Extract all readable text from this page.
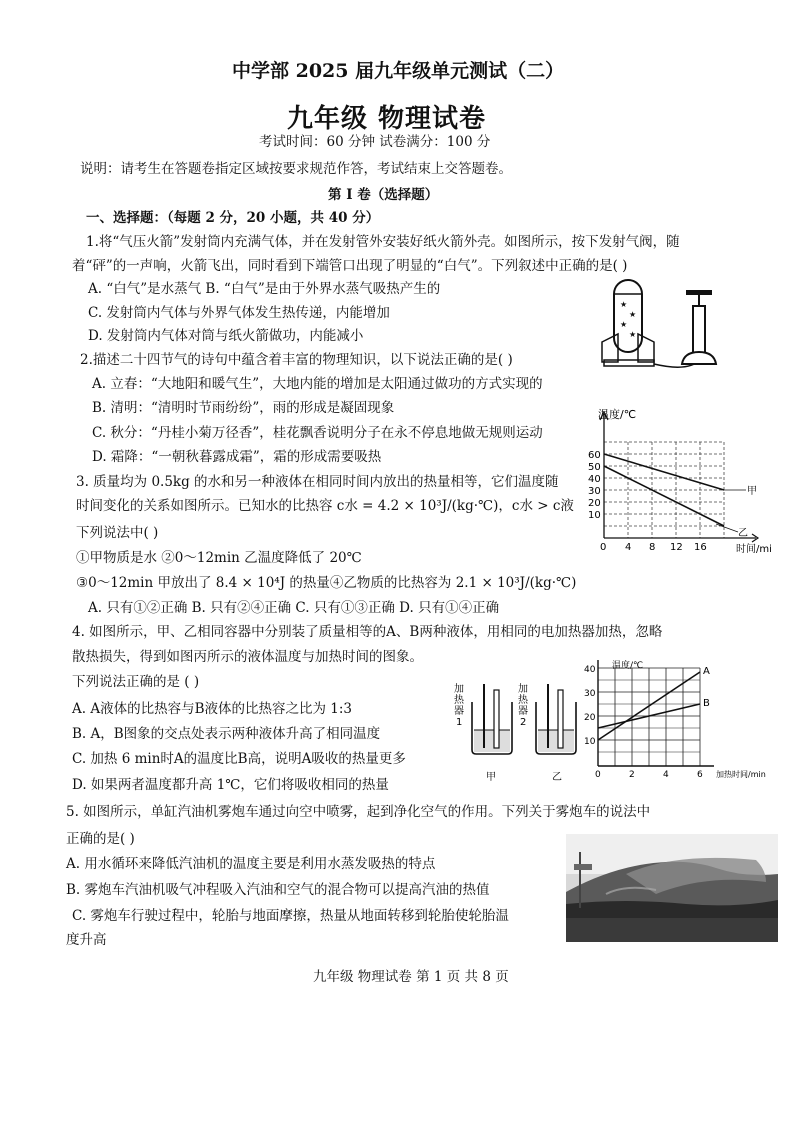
中学部 2025 届九年级单元测试（二）
九年级 物理试卷
考试时间：60 分钟 试卷满分：100 分
说明：请考生在答题卷指定区域按要求规范作答，考试结束上交答题卷。
第 I 卷（选择题）
一、选择题：（每题 2 分，20 小题，共 40 分）
1.将“气压火箭”发射筒内充满气体，并在发射管外安装好纸火箭外壳。如图所示，按下发射气阀，随
着“砰”的一声响，火箭飞出，同时看到下端管口出现了明显的“白气”。下列叙述中正确的是( )
A. “白气”是水蒸气 B. “白气”是由于外界水蒸气吸热产生的
C. 发射筒内气体与外界气体发生热传递，内能增加
D. 发射筒内气体对筒与纸火箭做功，内能减小
★
★
★
★
2.描述二十四节气的诗句中蕴含着丰富的物理知识，以下说法正确的是( )
A. 立春：“大地阳和暖气生”，大地内能的增加是太阳通过做功的方式实现的
B. 清明：“清明时节雨纷纷”，雨的形成是凝固现象
C. 秋分：“丹桂小菊万径香”，桂花飘香说明分子在永不停息地做无规则运动
D. 霜降：“一朝秋暮露成霜”，霜的形成需要吸热
温度/℃
时间/mi
60
50
40
30
20
10
0 4 8 12 16
甲
乙
3. 质量均为 0.5kg 的水和另一种液体在相同时间内放出的热量相等，它们温度随
时间变化的关系如图所示。已知水的比热容 c水 = 4.2 × 10³J/(kg·℃)，c水 > c液
下列说法中( )
①甲物质是水 ②0～12min 乙温度降低了 20℃
③0～12min 甲放出了 8.4 × 10⁴J 的热量④乙物质的比热容为 2.1 × 10³J/(kg·℃)
A. 只有①②正确 B. 只有②④正确 C. 只有①③正确 D. 只有①④正确
4. 如图所示，甲、乙相同容器中分别装了质量相等的A、B两种液体，用相同的电加热器加热，忽略
散热损失，得到如图丙所示的液体温度与加热时间的图象。
下列说法正确的是 ( )
A. A液体的比热容与B液体的比热容之比为 1:3
B. A，B图象的交点处表示两种液体升高了相同温度
C. 加热 6 min时A的温度比B高，说明A吸收的热量更多
D. 如果两者温度都升高 1℃，它们将吸收相同的热量
加热器 1
加热器 2
甲	乙
温度/℃
40
30
20
10
0	2	4	6 加热时间/min
A
B
5. 如图所示，单缸汽油机雾炮车通过向空中喷雾，起到净化空气的作用。下列关于雾炮车的说法中
正确的是( )
A. 用水循环来降低汽油机的温度主要是利用水蒸发吸热的特点
B. 雾炮车汽油机吸气冲程吸入汽油和空气的混合物可以提高汽油的热值
C. 雾炮车行驶过程中，轮胎与地面摩擦，热量从地面转移到轮胎使轮胎温
度升高
九年级 物理试卷 第 1 页 共 8 页
